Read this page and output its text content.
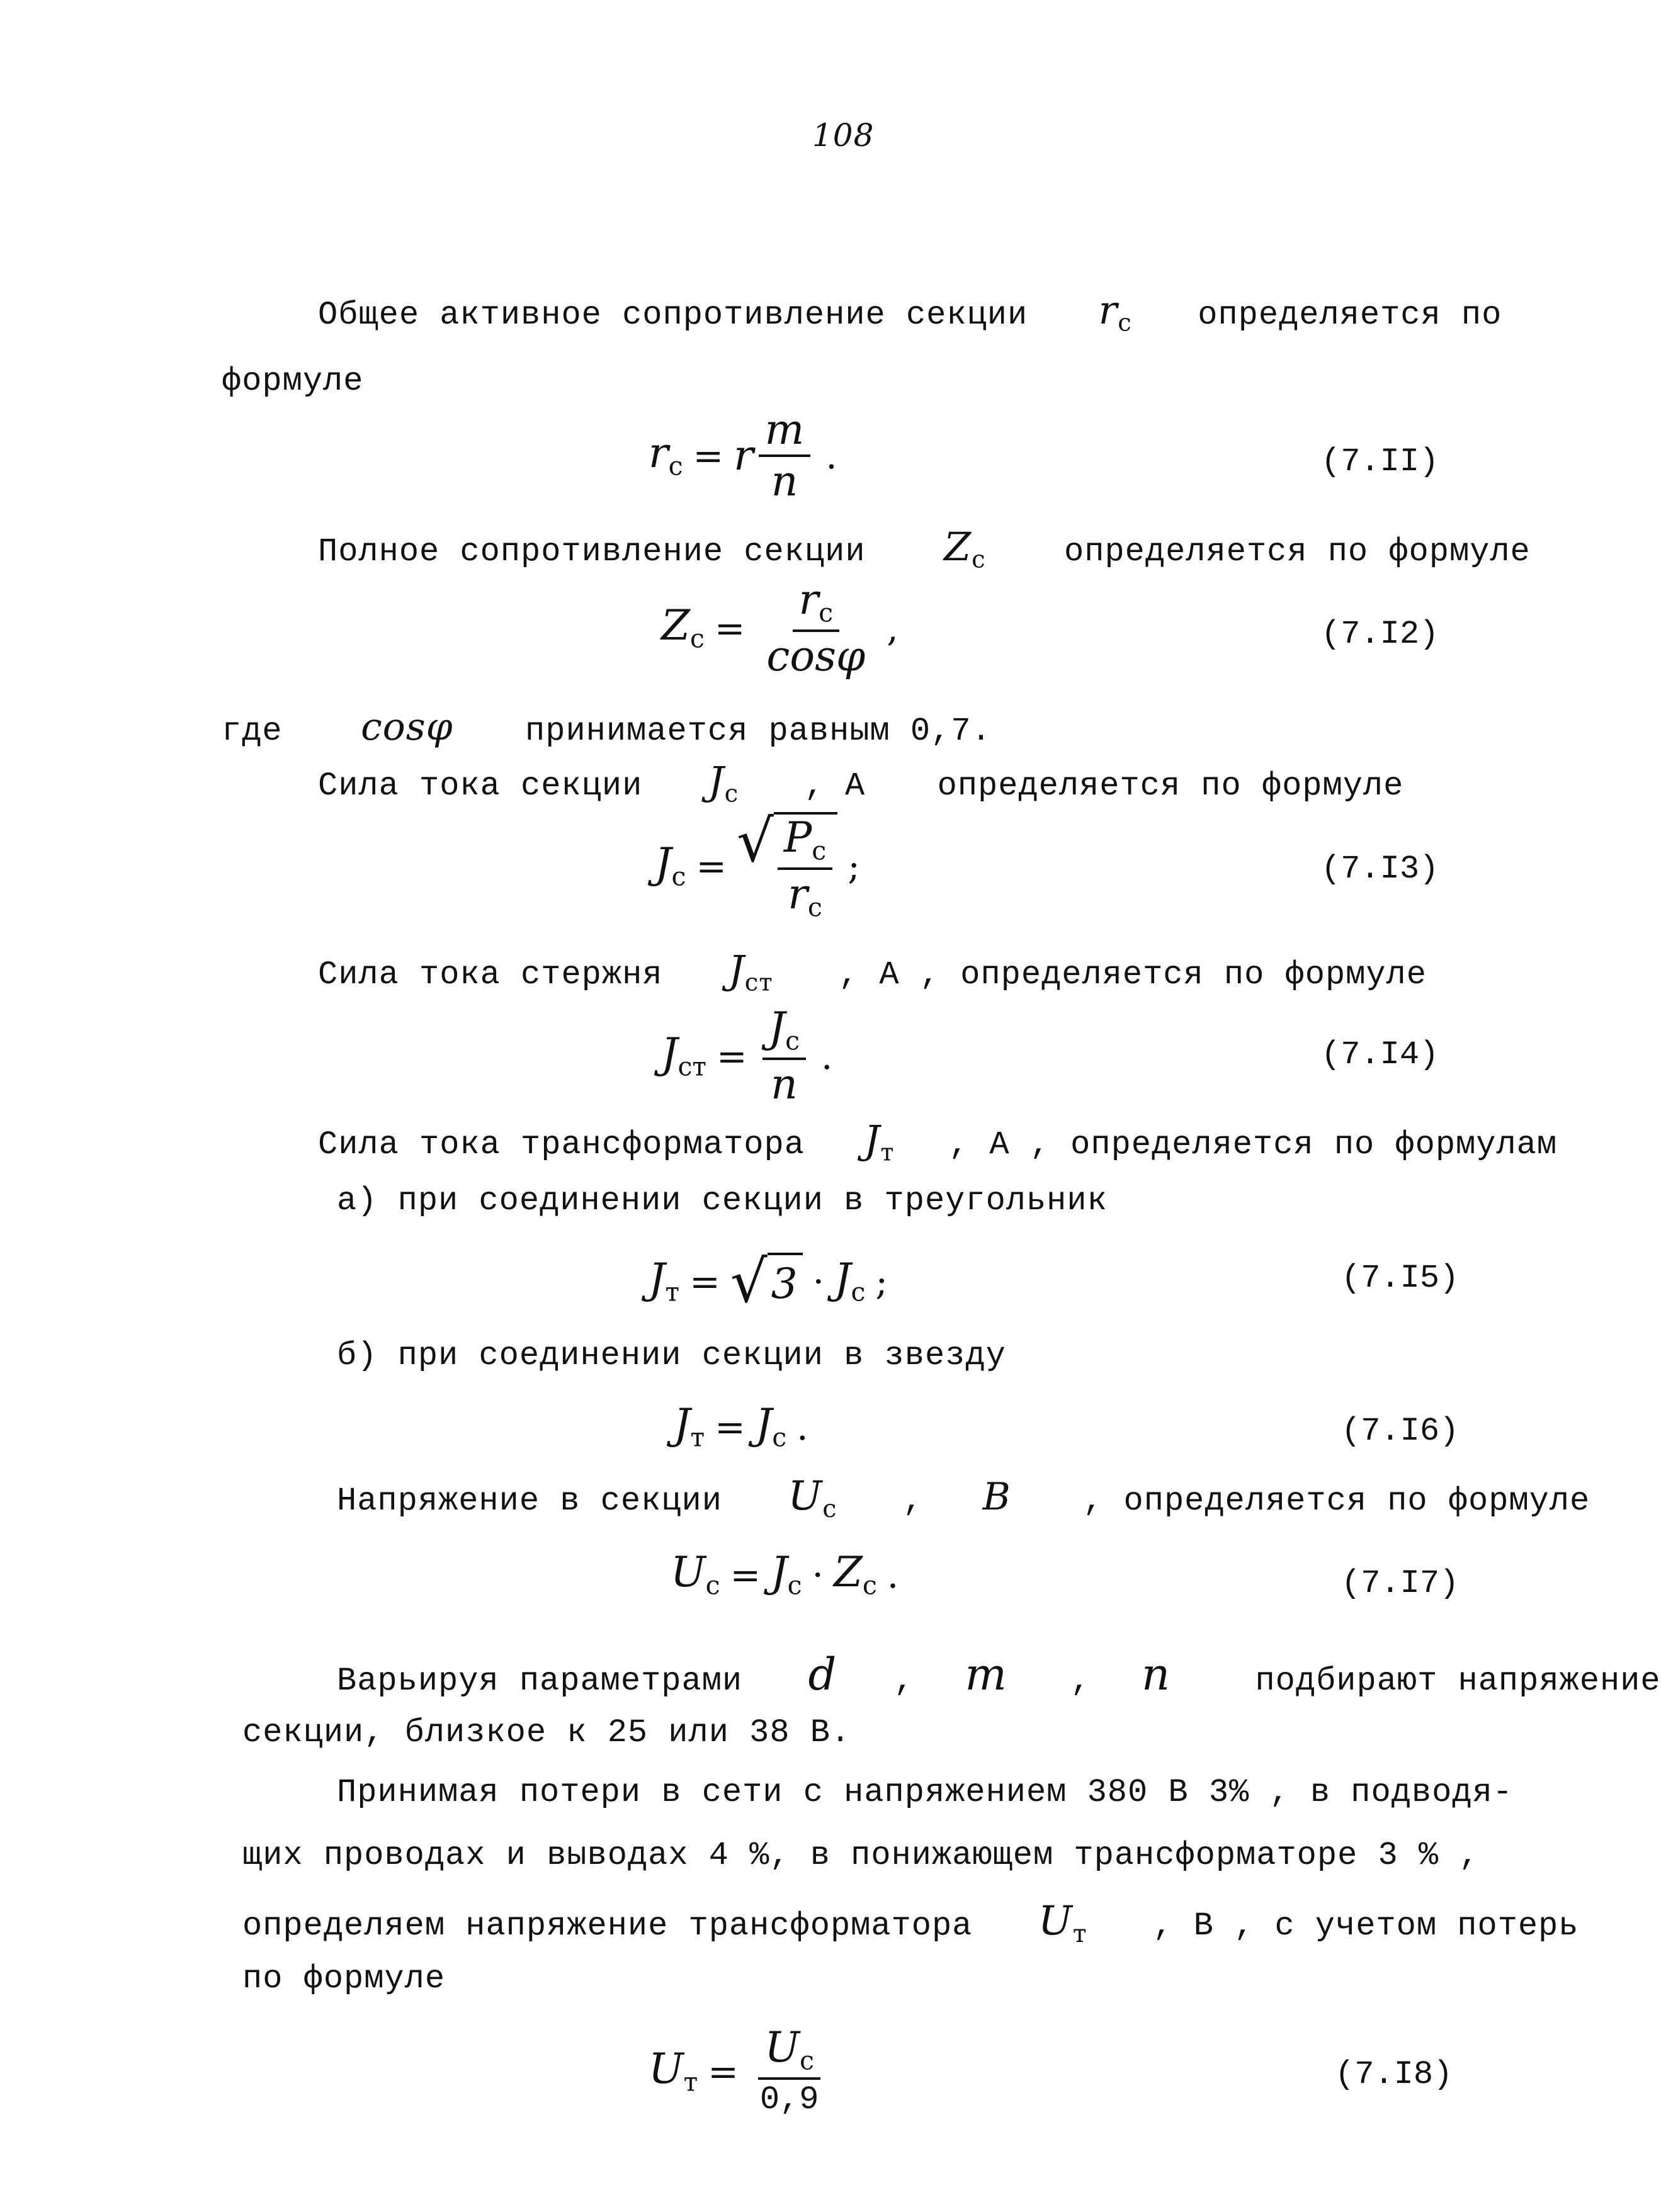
108
Общее активное сопротивление секции $r_c$ определяется по
формуле
$r_c = r \frac{m}{n}$ .	(7.II)
Полное сопротивление секции $Z_c$ определяется по формуле
$Z_c = \frac{r_c}{\cos\varphi}$ ,	(7.I2)
где cosφ принимается равным 0,7.
Сила тока секции $J_c$ , A определяется по формуле
$J_c$ = √ $\frac{P_c}{r_c}$ ;	(7.I3)
Сила тока стержня $J_{ст}$ , A , определяется по формуле
$J_{ст} = \frac{J_c}{n}$ .	(7.I4)
Сила тока трансформатора $J_т$ , A , определяется по формулам
а) при соединении секции в треугольник
$J_т$ = √ $3 \cdot J_c$ ;	(7.I5)
б) при соединении секции в звезду
$J_т = J_c$ .	(7.I6)
Напряжение в секции $U_c$ , B , определяется по формуле
$U_c = J_c \cdot Z_c$ .	(7.I7)
Варьируя параметрами d , m , n	подбирают напряжение
секции, близкое к 25 или 38 В.
Принимая потери в сети с напряжением 380 В 3% , в подводя-
щих проводах и выводах 4 %, в понижающем трансформаторе 3 % ,
определяем напряжение трансформатора $U_т$ , В , с учетом потерь
по формуле
$U_т = \frac{U_c}{0,9}$	(7.I8)
